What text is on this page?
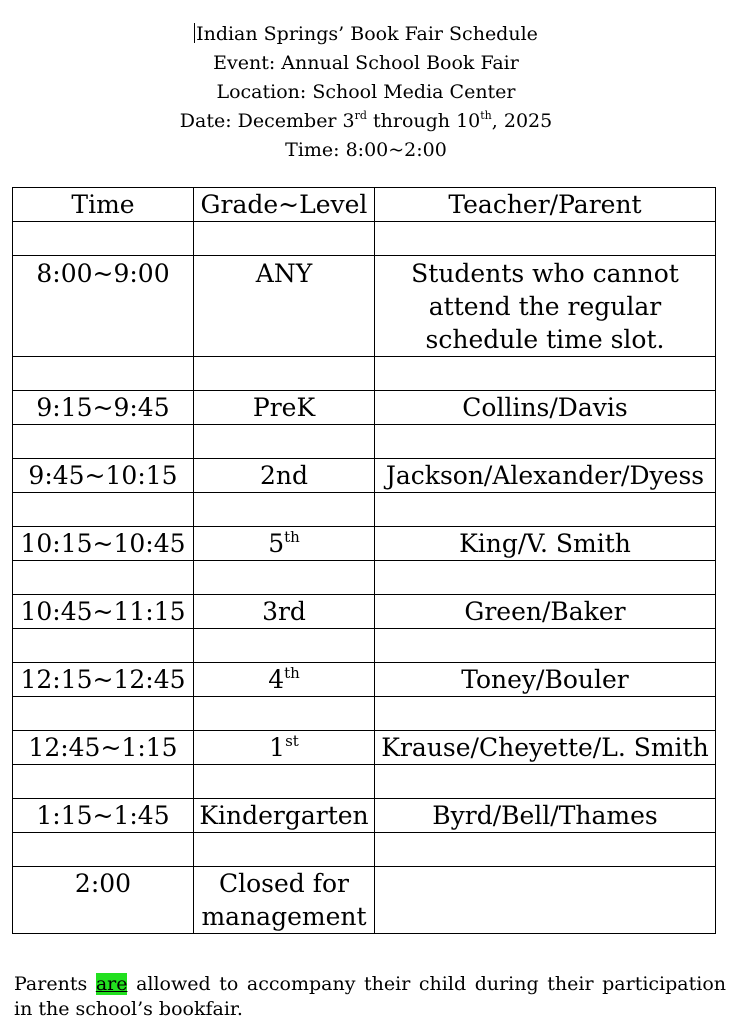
Indian Springs’ Book Fair Schedule
Event: Annual School Book Fair
Location: School Media Center
Date: December 3rd through 10th, 2025
Time: 8:00~2:00
Time	Grade~Level	Teacher/Parent

8:00~9:00	ANY	Students who cannot attend the regular schedule time slot.

9:15~9:45	PreK	Collins/Davis

9:45~10:15	2nd	Jackson/Alexander/Dyess

10:15~10:45	5th	King/V. Smith

10:45~11:15	3rd	Green/Baker

12:15~12:45	4th	Toney/Bouler

12:45~1:15	1st	Krause/Cheyette/L. Smith

1:15~1:45	Kindergarten	Byrd/Bell/Thames

2:00	Closed for management	
Parents are allowed to accompany their child during their participation in the school’s bookfair.
